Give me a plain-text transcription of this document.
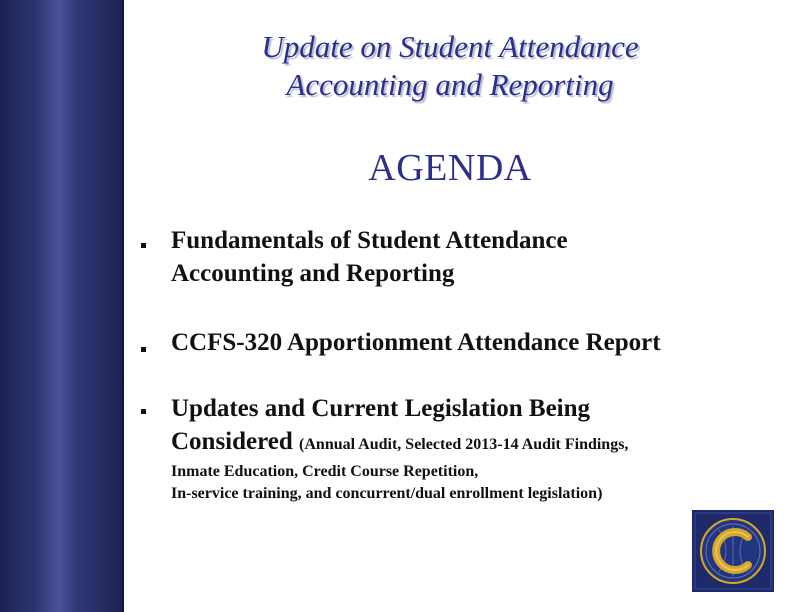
Update on Student Attendance
Accounting and Reporting
AGENDA
Fundamentals of Student Attendance
Accounting and Reporting
CCFS-320 Apportionment Attendance Report
Updates and Current Legislation Being
Considered (Annual Audit, Selected 2013-14 Audit Findings,
Inmate Education, Credit Course Repetition,
In-service training, and concurrent/dual enrollment legislation)
